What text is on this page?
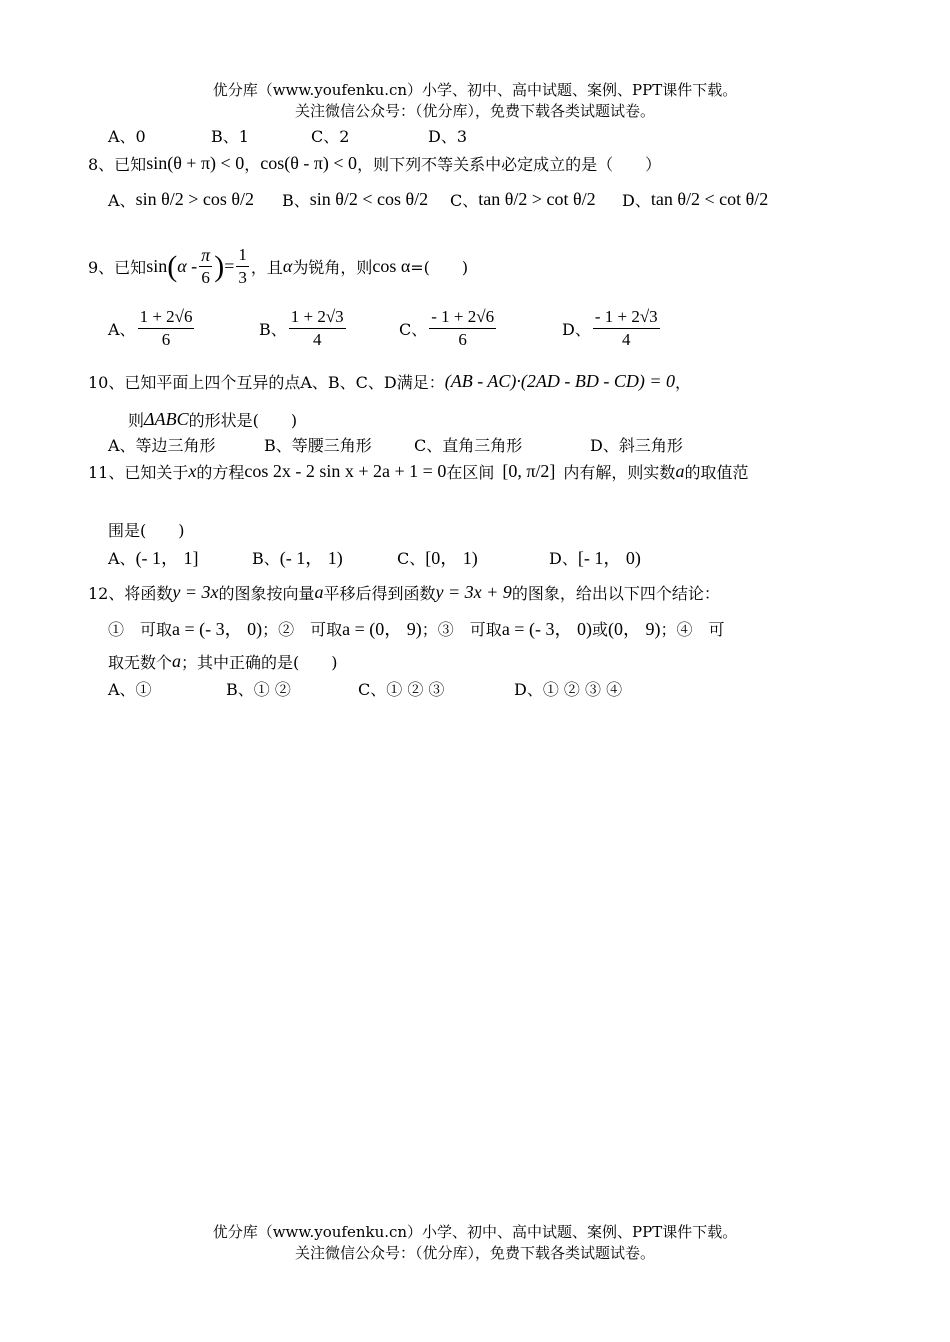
优分库（www.youfenku.cn）小学、初中、高中试题、案例、PPT课件下载。
关注微信公众号：（优分库），免费下载各类试题试卷。
A、0	B、1	C、2	D、3
8、已知 sin(θ + π) < 0 ， cos(θ - π) < 0 ，则下列不等关系中必定成立的是（　　）
A、 sin θ/2 > cos θ/2 B、 sin θ/2 < cos θ/2 C、 tan θ/2 > cot θ/2 D、 tan θ/2 < cot θ/2
9、已知 sin ( α - $\frac{\pi}{6}$ ) = $\frac{1}{3}$ ，且 α 为锐角，则 cos α =(　　)
A、 $\frac{1 + 2√6}{6}$	B、 $\frac{1 + 2√3}{4}$	C、 $\frac{- 1 + 2√6}{6}$	D、 $\frac{- 1 + 2√3}{4}$
10、已知平面上四个互异的点A、B、C、D满足： (AB - AC)·(2AD - BD - CD) = 0 ，
则 ΔABC 的形状是(　　)
A、等边三角形	B、等腰三角形	C、直角三角形	D、斜三角形
11、已知关于 x 的方程 cos 2x - 2 sin x + 2a + 1 = 0 在区间 [0, π/2] 内有解，则实数 a 的取值范
围是(　　)
A、 (- 1， 1]	B、 (- 1， 1)	C、 [0， 1)	D、 [- 1， 0)
12、将函数 y = 3x 的图象按向量 a 平移后得到函数 y = 3x + 9 的图象，给出以下四个结论：
①　可取 a = (- 3， 0) ；②　可取 a = (0， 9) ；③　可取 a = (- 3， 0) 或 (0， 9) ；④　可
取无数个 a ；其中正确的是(　　)
A、①	B、① ②	C、① ② ③	D、① ② ③ ④
优分库（www.youfenku.cn）小学、初中、高中试题、案例、PPT课件下载。
关注微信公众号：（优分库），免费下载各类试题试卷。
